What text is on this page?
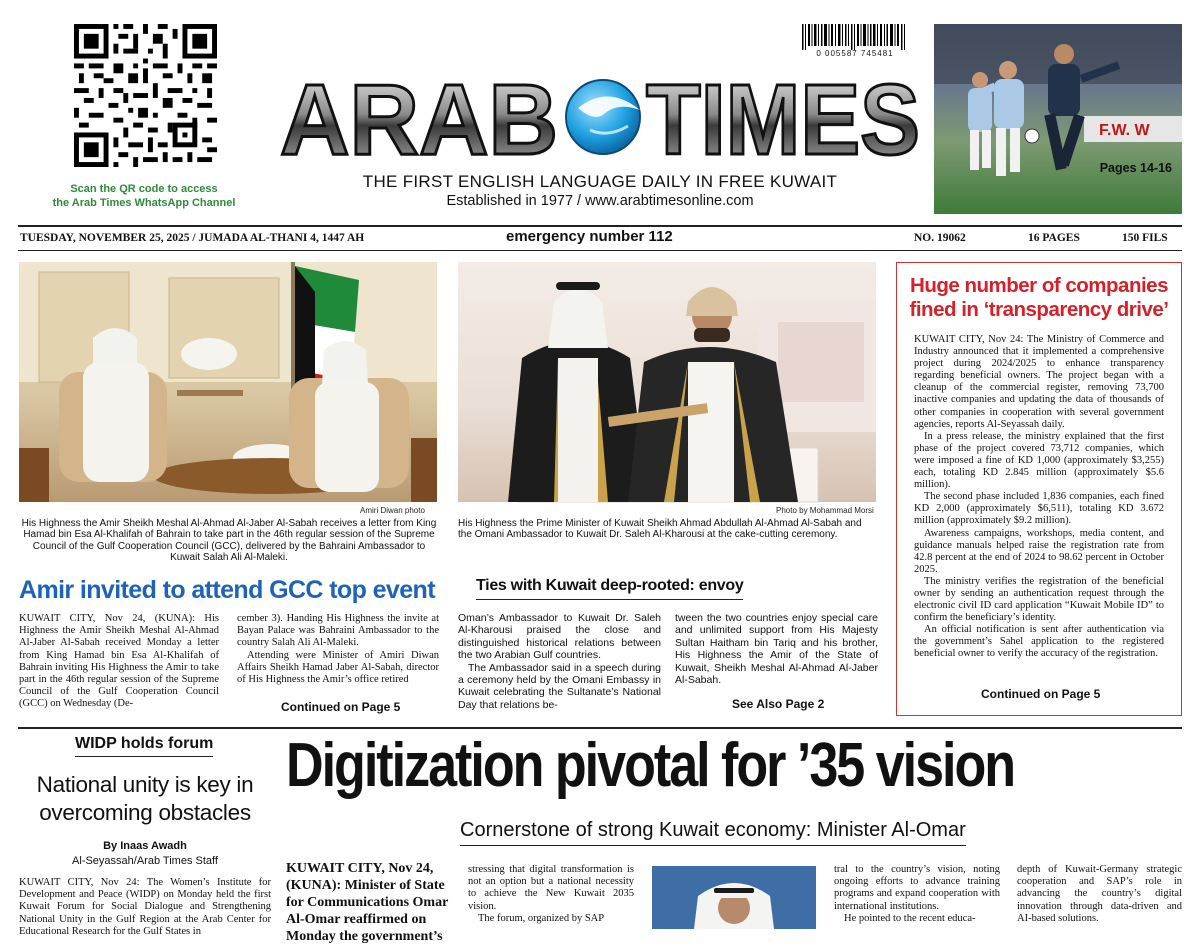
Scan the QR code to access
the Arab Times WhatsApp Channel
0 005587 745481
ARAB TIMES
THE FIRST ENGLISH LANGUAGE DAILY IN FREE KUWAIT
Established in 1977 / www.arabtimesonline.com
F.W. W
Pages 14-16
TUESDAY, NOVEMBER 25, 2025 / JUMADA AL-THANI 4, 1447 AH	emergency number 112	NO. 19062	16 PAGES	150 FILS
Amiri Diwan photo
His Highness the Amir Sheikh Meshal Al-Ahmad Al-Jaber Al-Sabah receives a letter from King Hamad bin Esa Al-Khalifah of Bahrain to take part in the 46th regular session of the Supreme Council of the Gulf Cooperation Council (GCC), delivered by the Bahraini Ambassador to Kuwait Salah Ali Al-Maleki.
Amir invited to attend GCC top event

KUWAIT CITY, Nov 24, (KUNA): His Highness the Amir Sheikh Meshal Al-Ahmad Al-Jaber Al-Sabah received Monday a letter from King Hamad bin Esa Al-Khalifah of Bahrain inviting His Highness the Amir to take part in the 46th regular session of the Supreme Council of the Gulf Cooperation Council (GCC) on Wednesday (De-

cember 3). Handing His Highness the invite at Bayan Palace was Bahraini Ambassador to the country Salah Ali Al-Maleki.

Attending were Minister of Amiri Diwan Affairs Sheikh Hamad Jaber Al-Sabah, director of His Highness the Amir’s office retired

Continued on Page 5
Photo by Mohammad Morsi
His Highness the Prime Minister of Kuwait Sheikh Ahmad Abdullah Al-Ahmad Al-Sabah and the Omani Ambassador to Kuwait Dr. Saleh Al-Kharousi at the cake-cutting ceremony.
Ties with Kuwait deep-rooted: envoy

Oman’s Ambassador to Kuwait Dr. Saleh Al-Kharousi praised the close and distinguished historical relations between the two Arabian Gulf countries.

The Ambassador said in a speech during a ceremony held by the Omani Embassy in Kuwait celebrating the Sultanate’s National Day that relations be-

tween the two countries enjoy special care and unlimited support from His Majesty Sultan Haitham bin Tariq and his brother, His Highness the Amir of the State of Kuwait, Sheikh Meshal Al-Ahmad Al-Jaber Al-Sabah.

See Also Page 2
Huge number of companies
fined in ‘transparency drive’

KUWAIT CITY, Nov 24: The Ministry of Commerce and Industry announced that it implemented a comprehensive project during 2024/2025 to enhance transparency regarding beneficial owners. The project began with a cleanup of the commercial register, removing 73,700 inactive companies and updating the data of thousands of other companies in cooperation with several government agencies, reports Al-Seyassah daily.

In a press release, the ministry explained that the first phase of the project covered 73,712 companies, which were imposed a fine of KD 1,000 (approximately $3,255) each, totaling KD 2.845 million (approximately $5.6 million).

The second phase included 1,836 companies, each fined KD 2,000 (approximately $6,511), totaling KD 3.672 million (approximately $9.2 million).

Awareness campaigns, workshops, media content, and guidance manuals helped raise the registration rate from 42.8 percent at the end of 2024 to 98.62 percent in October 2025.

The ministry verifies the registration of the beneficial owner by sending an authentication request through the electronic civil ID card application “Kuwait Mobile ID” to confirm the beneficiary’s identity.

An official notification is sent after authentication via the government’s Sahel application to the registered beneficial owner to verify the accuracy of the registration.

Continued on Page 5
WIDP holds forum
National unity is key in
overcoming obstacles
By Inaas Awadh
Al-Seyassah/Arab Times Staff

KUWAIT CITY, Nov 24: The Women’s Institute for Development and Peace (WIDP) on Monday held the first Kuwait Forum for Social Dialogue and Strengthening National Unity in the Gulf Region at the Arab Center for Educational Research for the Gulf States in

Digitization pivotal for ’35 vision
Cornerstone of strong Kuwait economy: Minister Al-Omar

KUWAIT CITY, Nov 24, (KUNA): Minister of State for Communications Omar Al-Omar reaffirmed on Monday the government’s

stressing that digital transformation is not an option but a national necessity to achieve the New Kuwait 2035 vision.

The forum, organized by SAP

tral to the country’s vision, noting ongoing efforts to advance training programs and expand cooperation with international institutions.

He pointed to the recent educa-

depth of Kuwait-Germany strategic cooperation and SAP’s role in advancing the country’s digital innovation through data-driven and AI-based solutions.
